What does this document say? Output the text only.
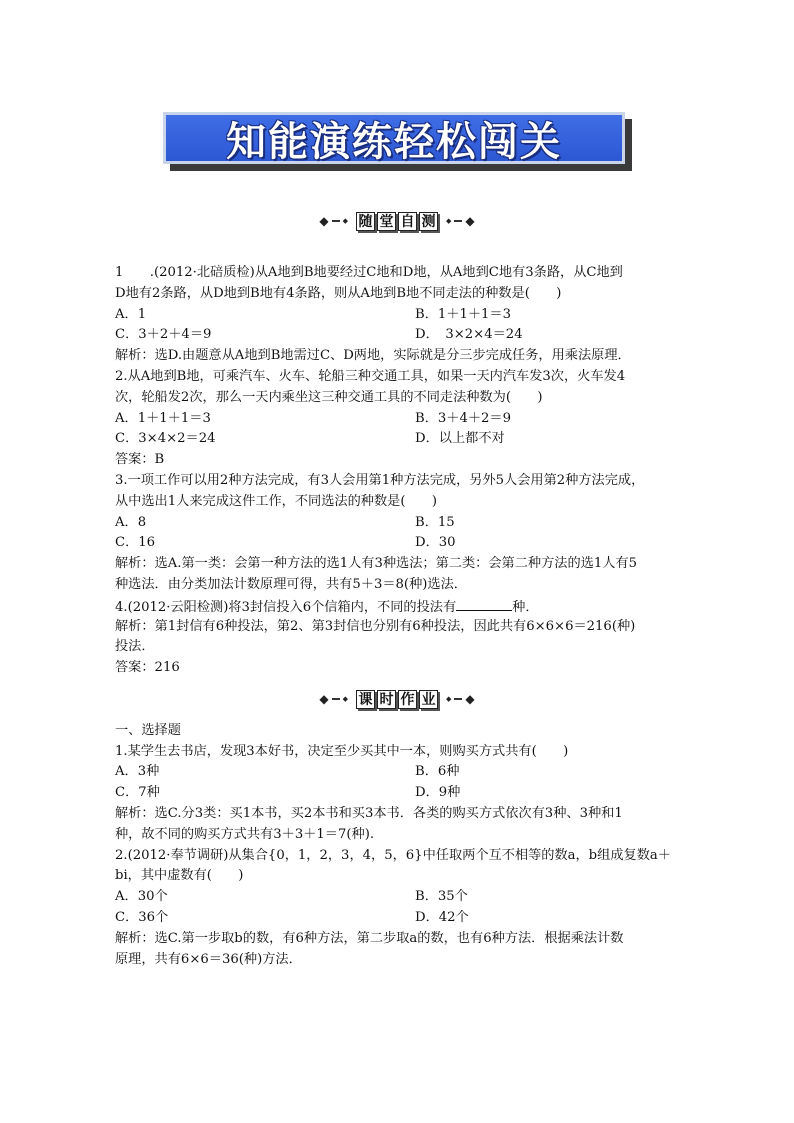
知能演练轻松闯关
◆ ◆ 随 堂 自 测	◆ ◆
1　　.(2012·北碚质检)从A地到B地要经过C地和D地，从A地到C地有3条路，从C地到
D地有2条路，从D地到B地有4条路，则从A地到B地不同走法的种数是(　　)
A．1	B．1＋1＋1＝3
C．3＋2＋4＝9	D．　3×2×4＝24
解析：选D.由题意从A地到B地需过C、D两地，实际就是分三步完成任务，用乘法原理．
2.从A地到B地，可乘汽车、火车、轮船三种交通工具，如果一天内汽车发3次，火车发4
次，轮船发2次，那么一天内乘坐这三种交通工具的不同走法种数为(　　)
A．1＋1＋1＝3	B．3＋4＋2＝9
C．3×4×2＝24	D．以上都不对
答案：B
3.一项工作可以用2种方法完成，有3人会用第1种方法完成，另外5人会用第2种方法完成，
从中选出1人来完成这件工作，不同选法的种数是(　　)
A．8	B．15
C．16	D．30
解析：选A.第一类：会第一种方法的选1人有3种选法；第二类：会第二种方法的选1人有5
种选法．由分类加法计数原理可得，共有5＋3＝8(种)选法．
4.(2012·云阳检测)将3封信投入6个信箱内，不同的投法有	种．
解析：第1封信有6种投法，第2、第3封信也分别有6种投法，因此共有6×6×6＝216(种)
投法．
答案：216
◆ ◆ 课 时 作 业	◆ ◆
一、选择题
1.某学生去书店，发现3本好书，决定至少买其中一本，则购买方式共有(　　)
A．3种	B．6种
C．7种	D．9种
解析：选C.分3类：买1本书，买2本书和买3本书．各类的购买方式依次有3种、3种和1
种，故不同的购买方式共有3＋3＋1＝7(种).
2.(2012·奉节调研)从集合{0，1，2，3，4，5，6}中任取两个互不相等的数a，b组成复数a＋
bi，其中虚数有(　　)
A．30个	B．35个
C．36个	D．42个
解析：选C.第一步取b的数，有6种方法，第二步取a的数，也有6种方法．根据乘法计数
原理，共有6×6＝36(种)方法．
